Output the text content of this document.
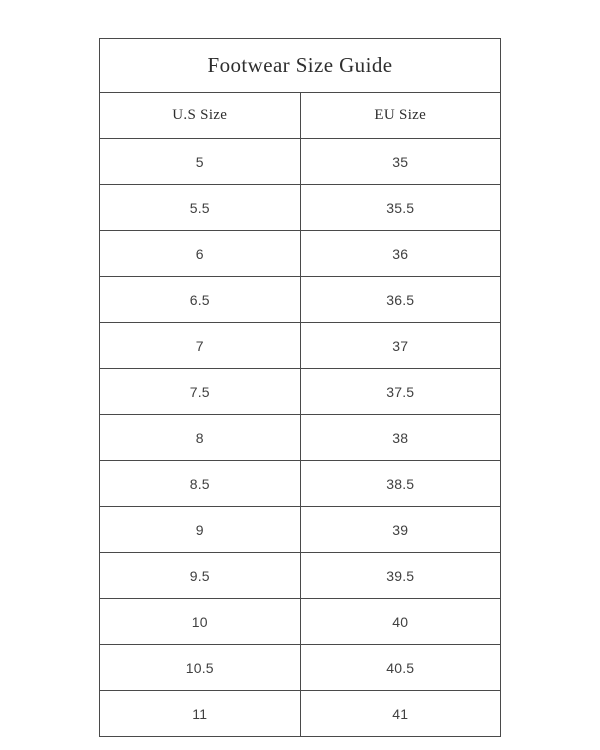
Footwear Size Guide	
U.S Size	EU Size
5	35
5.5	35.5
6	36
6.5	36.5
7	37
7.5	37.5
8	38
8.5	38.5
9	39
9.5	39.5
10	40
10.5	40.5
11	41
